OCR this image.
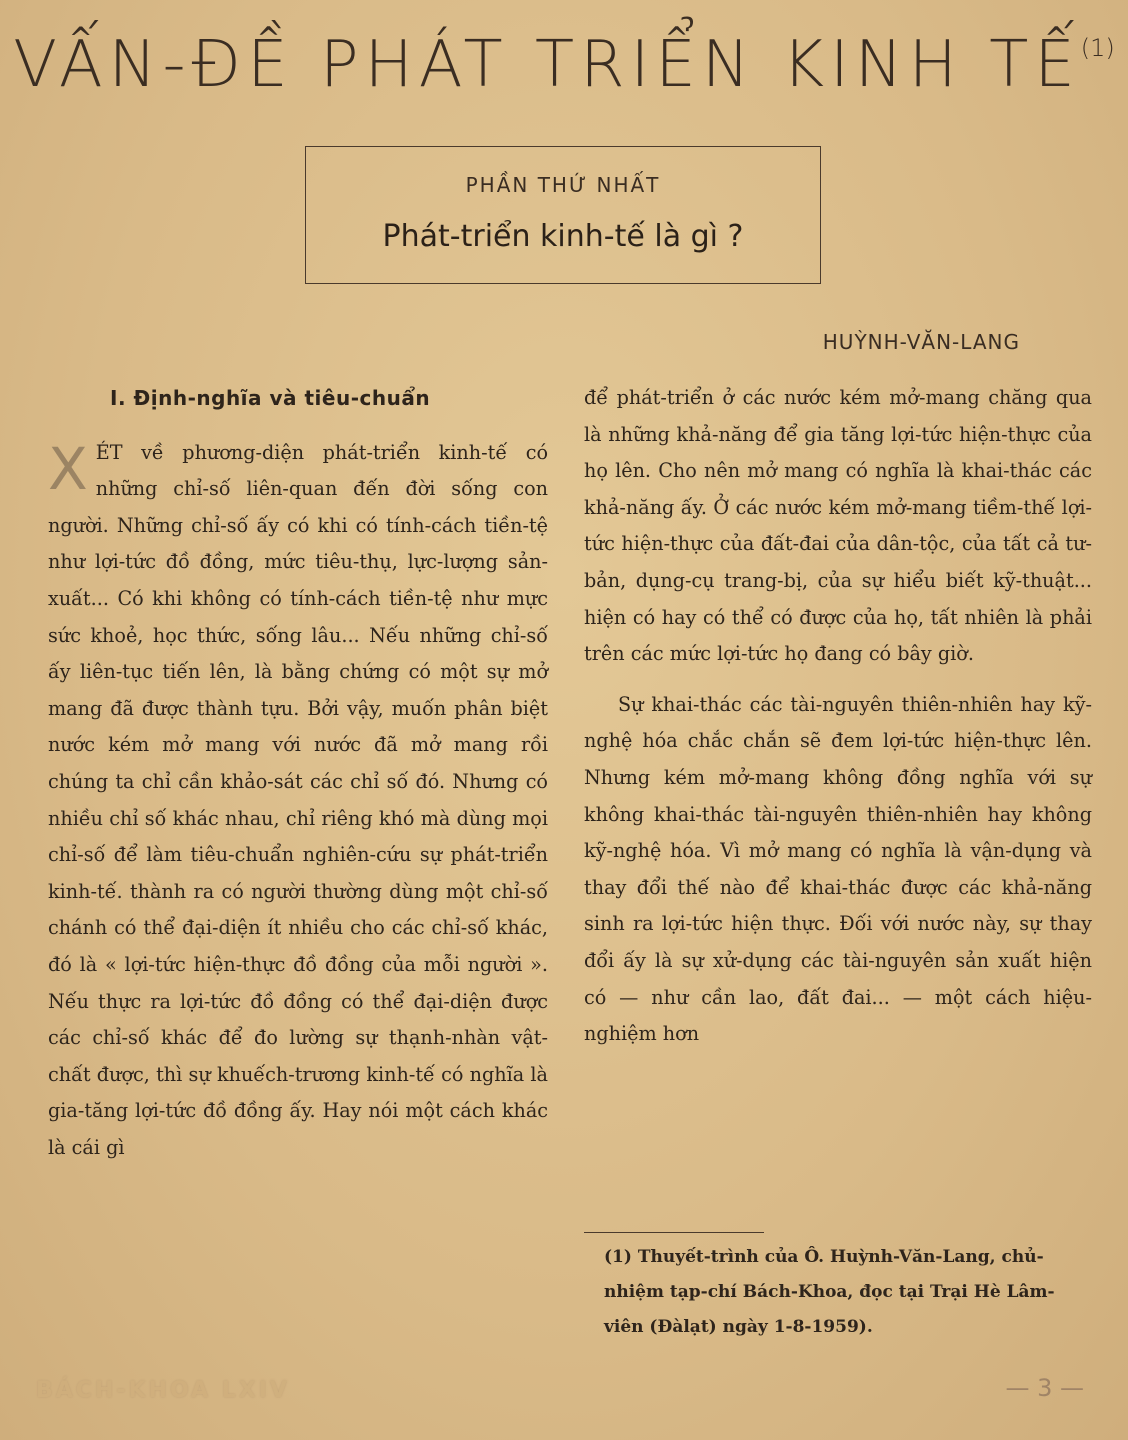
VẤN-ĐỀ PHÁT TRIỂN KINH TẾ$^{(1)}$
PHẦN THỨ NHẤT
Phát-triển kinh-tế là gì ?
HUỲNH-VĂN-LANG
I. Định-nghĩa và tiêu-chuẩn

XÉT về phương-diện phát-triển kinh-tế có những chỉ-số liên-quan đến đời sống con người. Những chỉ-số ấy có khi có tính-cách tiền-tệ như lợi-tức đồ đồng, mức tiêu-thụ, lực-lượng sản-xuất... Có khi không có tính-cách tiền-tệ như mực sức khoẻ, học thức, sống lâu... Nếu những chỉ-số ấy liên-tục tiến lên, là bằng chứng có một sự mở mang đã được thành tựu. Bởi vậy, muốn phân biệt nước kém mở mang với nước đã mở mang rồi chúng ta chỉ cần khảo-sát các chỉ số đó. Nhưng có nhiều chỉ số khác nhau, chỉ riêng khó mà dùng mọi chỉ-số để làm tiêu-chuẩn nghiên-cứu sự phát-triển kinh-tế. thành ra có người thường dùng một chỉ-số chánh có thể đại-diện ít nhiều cho các chỉ-số khác, đó là « lợi-tức hiện-thực đồ đồng của mỗi người ». Nếu thực ra lợi-tức đồ đồng có thể đại-diện được các chỉ-số khác để đo lường sự thạnh-nhàn vật-chất được, thì sự khuếch-trương kinh-tế có nghĩa là gia-tăng lợi-tức đồ đồng ấy. Hay nói một cách khác là cái gì

để phát-triển ở các nước kém mở-mang chăng qua là những khả-năng để gia tăng lợi-tức hiện-thực của họ lên. Cho nên mở mang có nghĩa là khai-thác các khả-năng ấy. Ở các nước kém mở-mang tiềm-thế lợi-tức hiện-thực của đất-đai của dân-tộc, của tất cả tư-bản, dụng-cụ trang-bị, của sự hiểu biết kỹ-thuật... hiện có hay có thể có được của họ, tất nhiên là phải trên các mức lợi-tức họ đang có bây giờ.

Sự khai-thác các tài-nguyên thiên-nhiên hay kỹ-nghệ hóa chắc chắn sẽ đem lợi-tức hiện-thực lên. Nhưng kém mở-mang không đồng nghĩa với sự không khai-thác tài-nguyên thiên-nhiên hay không kỹ-nghệ hóa. Vì mở mang có nghĩa là vận-dụng và thay đổi thế nào để khai-thác được các khả-năng sinh ra lợi-tức hiện thực. Đối với nước này, sự thay đổi ấy là sự xử-dụng các tài-nguyên sản xuất hiện có — như cần lao, đất đai... — một cách hiệu-nghiệm hơn

(1) Thuyết-trình của Ô. Huỳnh-Văn-Lang, chủ-nhiệm tạp-chí Bách-Khoa, đọc tại Trại Hè Lâm-viên (Đàlạt) ngày 1-8-1959).
BÁCH-KHOA LXIV	— 3 —
